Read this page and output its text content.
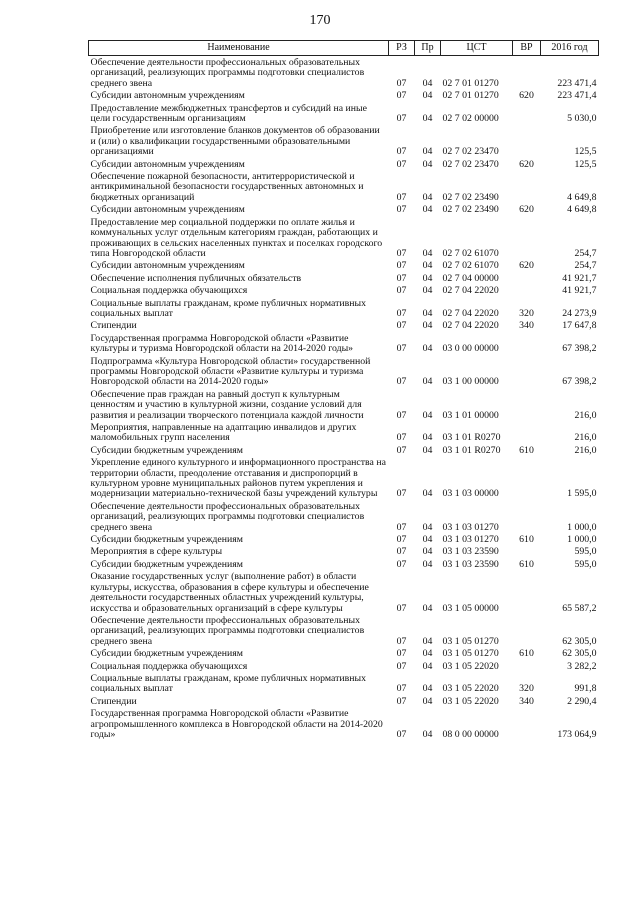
170
Наименование	РЗ	Пр	ЦСТ	ВР	2016 год
Обеспечение деятельности профессиональных образовательных организаций, реализующих программы подготовки специалистов среднего звена	07	04	02 7 01 01270		223 471,4
Субсидии автономным учреждениям	07	04	02 7 01 01270	620	223 471,4
Предоставление межбюджетных трансфертов и субсидий на иные цели государственным организациям	07	04	02 7 02 00000		5 030,0
Приобретение или изготовление бланков документов об образовании и (или) о квалификации государственными образовательными организациями	07	04	02 7 02 23470		125,5
Субсидии автономным учреждениям	07	04	02 7 02 23470	620	125,5
Обеспечение пожарной безопасности, антитеррористической и антикриминальной безопасности государственных автономных и бюджетных организаций	07	04	02 7 02 23490		4 649,8
Субсидии автономным учреждениям	07	04	02 7 02 23490	620	4 649,8
Предоставление мер социальной поддержки по оплате жилья и коммунальных услуг отдельным категориям граждан, работающих и проживающих в сельских населенных пунктах и поселках городского типа Новгородской области	07	04	02 7 02 61070		254,7
Субсидии автономным учреждениям	07	04	02 7 02 61070	620	254,7
Обеспечение исполнения публичных обязательств	07	04	02 7 04 00000		41 921,7
Социальная поддержка обучающихся	07	04	02 7 04 22020		41 921,7
Социальные выплаты гражданам, кроме публичных нормативных социальных выплат	07	04	02 7 04 22020	320	24 273,9
Стипендии	07	04	02 7 04 22020	340	17 647,8
Государственная программа Новгородской области «Развитие культуры и туризма Новгородской области на 2014-2020 годы»	07	04	03 0 00 00000		67 398,2
Подпрограмма «Культура Новгородской области» государственной программы Новгородской области «Развитие культуры и туризма Новгородской области на 2014-2020 годы»	07	04	03 1 00 00000		67 398,2
Обеспечение прав граждан на равный доступ к культурным ценностям и участию в культурной жизни, создание условий для развития и реализации творческого потенциала каждой личности	07	04	03 1 01 00000		216,0
Мероприятия, направленные на адаптацию инвалидов и других маломобильных групп населения	07	04	03 1 01 R0270		216,0
Субсидии бюджетным учреждениям	07	04	03 1 01 R0270	610	216,0
Укрепление единого культурного и информационного пространства на территории области, преодоление отставания и диспропорций в культурном уровне муниципальных районов путем укрепления и модернизации материально-технической базы учреждений культуры	07	04	03 1 03 00000		1 595,0
Обеспечение деятельности профессиональных образовательных организаций, реализующих программы подготовки специалистов среднего звена	07	04	03 1 03 01270		1 000,0
Субсидии бюджетным учреждениям	07	04	03 1 03 01270	610	1 000,0
Мероприятия в сфере культуры	07	04	03 1 03 23590		595,0
Субсидии бюджетным учреждениям	07	04	03 1 03 23590	610	595,0
Оказание государственных услуг (выполнение работ) в области культуры, искусства, образования в сфере культуры и обеспечение деятельности государственных областных учреждений культуры, искусства и образовательных организаций в сфере культуры	07	04	03 1 05 00000		65 587,2
Обеспечение деятельности профессиональных образовательных организаций, реализующих программы подготовки специалистов среднего звена	07	04	03 1 05 01270		62 305,0
Субсидии бюджетным учреждениям	07	04	03 1 05 01270	610	62 305,0
Социальная поддержка обучающихся	07	04	03 1 05 22020		3 282,2
Социальные выплаты гражданам, кроме публичных нормативных социальных выплат	07	04	03 1 05 22020	320	991,8
Стипендии	07	04	03 1 05 22020	340	2 290,4
Государственная программа Новгородской области «Развитие агропромышленного комплекса в Новгородской области на 2014-2020 годы»	07	04	08 0 00 00000		173 064,9
